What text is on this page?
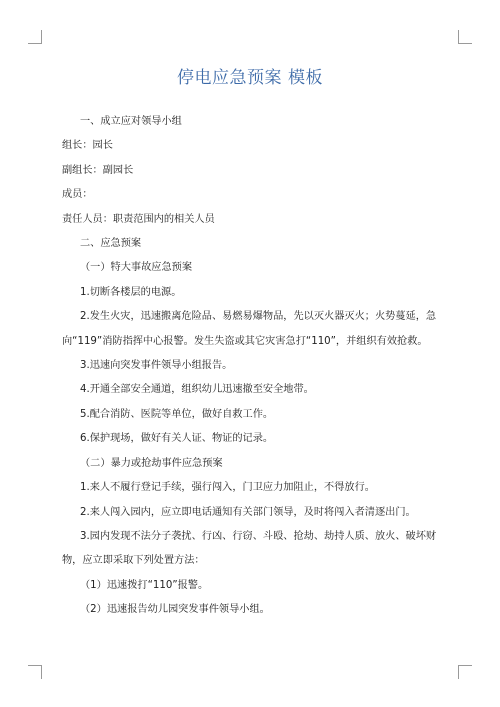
停电应急预案 模板

一、成立应对领导小组

组长：园长

副组长：副园长

成员：

责任人员：职责范围内的相关人员

二、应急预案

（一）特大事故应急预案

1.切断各楼层的电源。

2.发生火灾，迅速搬离危险品、易燃易爆物品，先以灭火器灭火；火势蔓延，急

向“119”消防指挥中心报警。发生失盗或其它灾害急打“110”，并组织有效抢救。

3.迅速向突发事件领导小组报告。

4.开通全部安全通道，组织幼儿迅速撤至安全地带。

5.配合消防、医院等单位，做好自救工作。

6.保护现场，做好有关人证、物证的记录。

（二）暴力或抢劫事件应急预案

1.来人不履行登记手续，强行闯入，门卫应力加阻止，不得放行。

2.来人闯入园内，应立即电话通知有关部门领导，及时将闯入者清逐出门。

3.园内发现不法分子袭扰、行凶、行窃、斗殴、抢劫、劫持人质、放火、破坏财

物，应立即采取下列处置方法：

（1）迅速拨打“110”报警。

（2）迅速报告幼儿园突发事件领导小组。
